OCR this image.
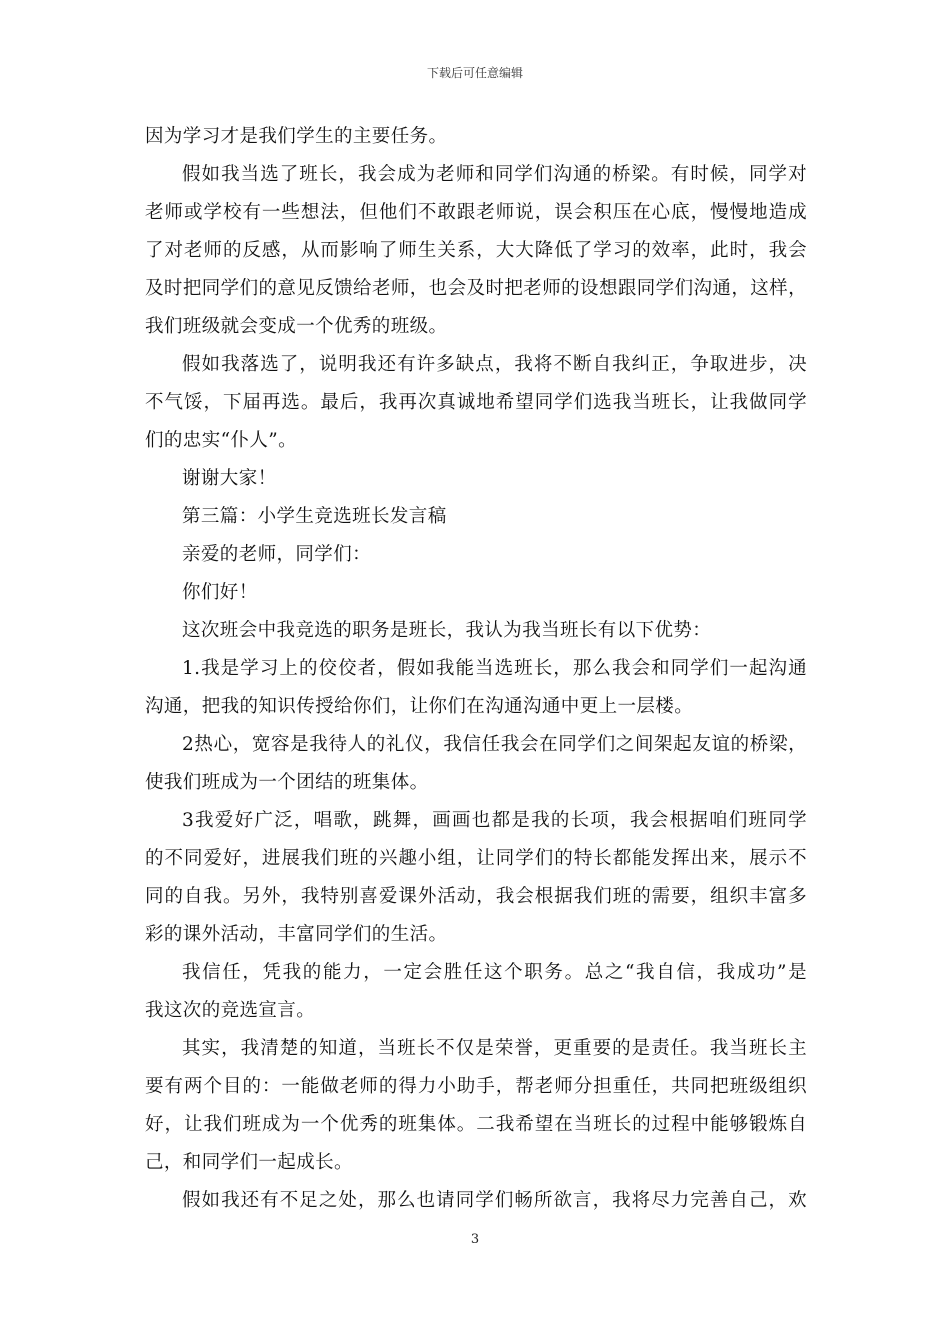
下载后可任意编辑
因为学习才是我们学生的主要任务。
假如我当选了班长，我会成为老师和同学们沟通的桥梁。有时候，同学对
老师或学校有一些想法，但他们不敢跟老师说，误会积压在心底，慢慢地造成
了对老师的反感，从而影响了师生关系，大大降低了学习的效率，此时，我会
及时把同学们的意见反馈给老师，也会及时把老师的设想跟同学们沟通，这样，
我们班级就会变成一个优秀的班级。
假如我落选了，说明我还有许多缺点，我将不断自我纠正，争取进步，决
不气馁，下届再选。最后，我再次真诚地希望同学们选我当班长，让我做同学
们的忠实“仆人”。
谢谢大家！
第三篇：小学生竞选班长发言稿
亲爱的老师，同学们：
你们好！
这次班会中我竞选的职务是班长，我认为我当班长有以下优势：
1.我是学习上的佼佼者，假如我能当选班长，那么我会和同学们一起沟通
沟通，把我的知识传授给你们，让你们在沟通沟通中更上一层楼。
2热心，宽容是我待人的礼仪，我信任我会在同学们之间架起友谊的桥梁，
使我们班成为一个团结的班集体。
3我爱好广泛，唱歌，跳舞，画画也都是我的长项，我会根据咱们班同学
的不同爱好，进展我们班的兴趣小组，让同学们的特长都能发挥出来，展示不
同的自我。另外，我特别喜爱课外活动，我会根据我们班的需要，组织丰富多
彩的课外活动，丰富同学们的生活。
我信任，凭我的能力，一定会胜任这个职务。总之“我自信，我成功”是
我这次的竞选宣言。
其实，我清楚的知道，当班长不仅是荣誉，更重要的是责任。我当班长主
要有两个目的：一能做老师的得力小助手，帮老师分担重任，共同把班级组织
好，让我们班成为一个优秀的班集体。二我希望在当班长的过程中能够锻炼自
己，和同学们一起成长。
假如我还有不足之处，那么也请同学们畅所欲言，我将尽力完善自己，欢
3
